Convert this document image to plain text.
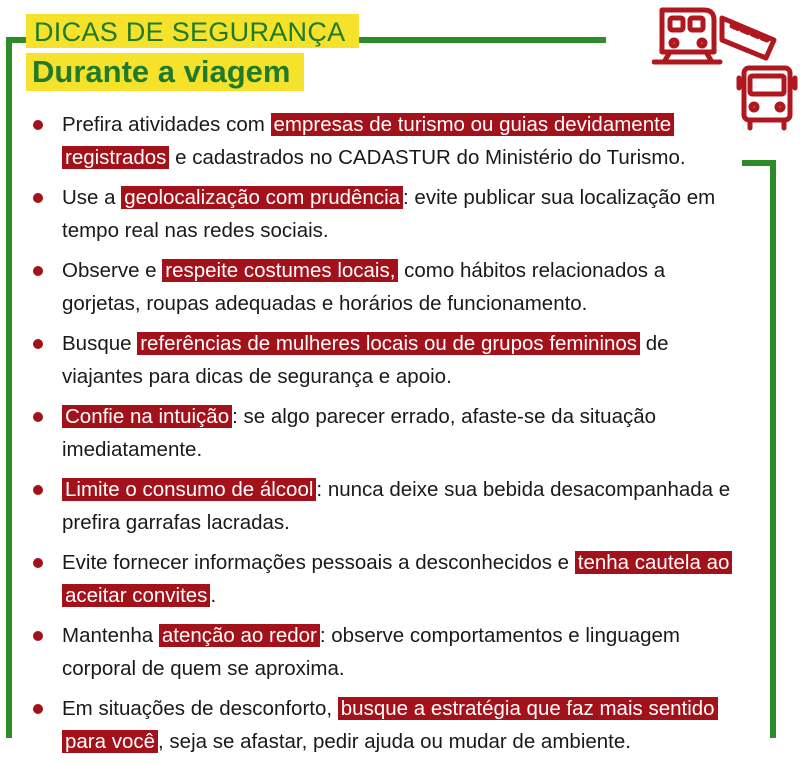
DICAS DE SEGURANÇA
Durante a viagem
Prefira atividades com empresas de turismo ou guias devidamente registrados e cadastrados no CADASTUR do Ministério do Turismo.
Use a geolocalização com prudência : evite publicar sua localização em tempo real nas redes sociais.
Observe e respeite costumes locais, como hábitos relacionados a gorjetas, roupas adequadas e horários de funcionamento.
Busque referências de mulheres locais ou de grupos femininos de viajantes para dicas de segurança e apoio.
Confie na intuição : se algo parecer errado, afaste-se da situação imediatamente.
Limite o consumo de álcool : nunca deixe sua bebida desacompanhada e prefira garrafas lacradas.
Evite fornecer informações pessoais a desconhecidos e tenha cautela ao aceitar convites .
Mantenha atenção ao redor : observe comportamentos e linguagem corporal de quem se aproxima.
Em situações de desconforto, busque a estratégia que faz mais sentido para você , seja se afastar, pedir ajuda ou mudar de ambiente.
